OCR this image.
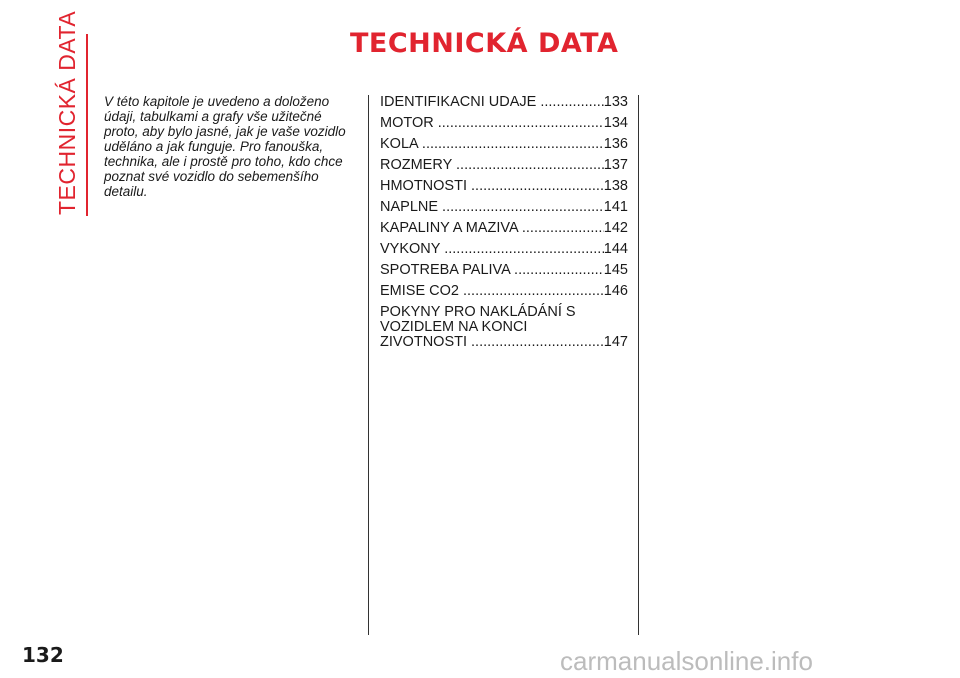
TECHNICKÁ DATA	TECHNICKÁ DATA
V této kapitole je uvedeno a doloženo údaji, tabulkami a grafy vše užitečné proto, aby bylo jasné, jak je vaše vozidlo uděláno a jak funguje. Pro fanouška, technika, ale i prostě pro toho, kdo chce poznat své vozidlo do sebemenšího detailu.
IDENTIFIKAČNÍ ÚDAJE .....	133
MOTOR .....	134
KOLA .....	136
ROZMĚRY .....	137
HMOTNOSTI .....	138
NÁPLNĚ .....	141
KAPALINY A MAZIVA .....	142
VÝKONY .....	144
SPOTŘEBA PALIVA .....	145
EMISE CO2 .....	146
POKYNY PRO NAKLÁDÁNÍ S
VOZIDLEM NA KONCI
ŽIVOTNOSTI .....	147
132	carmanualsonline.info
